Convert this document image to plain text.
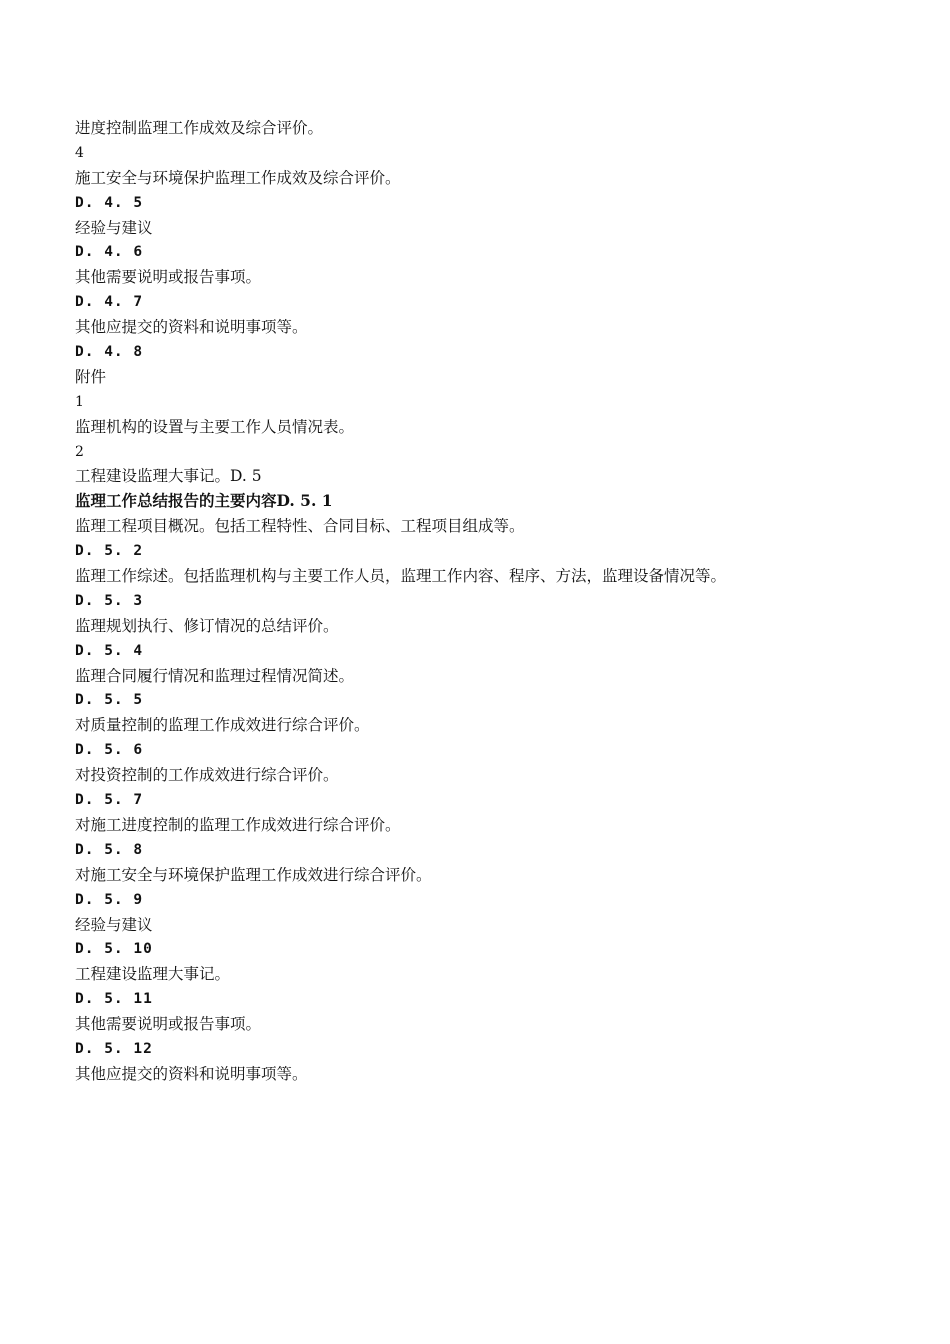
进度控制监理工作成效及综合评价。
4
施工安全与环境保护监理工作成效及综合评价。
D. 4. 5
经验与建议
D. 4. 6
其他需要说明或报告事项。
D. 4. 7
其他应提交的资料和说明事项等。
D. 4. 8
附件
1
监理机构的设置与主要工作人员情况表。
2
工程建设监理大事记。D. 5
监理工作总结报告的主要内容D. 5. 1
监理工程项目概况。包括工程特性、合同目标、工程项目组成等。
D. 5. 2
监理工作综述。包括监理机构与主要工作人员，监理工作内容、程序、方法，监理设备情况等。
D. 5. 3
监理规划执行、修订情况的总结评价。
D. 5. 4
监理合同履行情况和监理过程情况简述。
D. 5. 5
对质量控制的监理工作成效进行综合评价。
D. 5. 6
对投资控制的工作成效进行综合评价。
D. 5. 7
对施工进度控制的监理工作成效进行综合评价。
D. 5. 8
对施工安全与环境保护监理工作成效进行综合评价。
D. 5. 9
经验与建议
D. 5. 10
工程建设监理大事记。
D. 5. 11
其他需要说明或报告事项。
D. 5. 12
其他应提交的资料和说明事项等。
